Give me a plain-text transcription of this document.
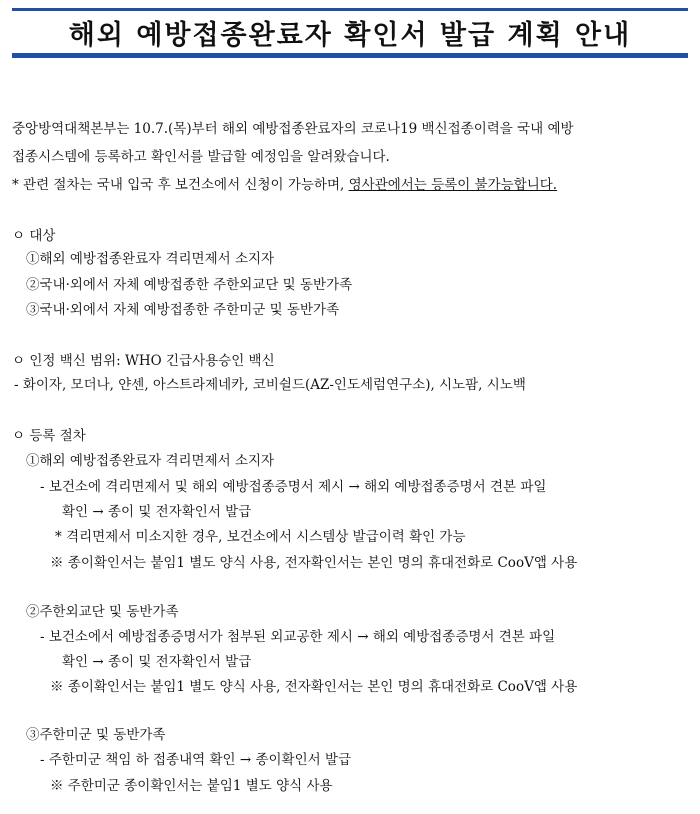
해외 예방접종완료자 확인서 발급 계획 안내
중앙방역대책본부는 10.7.(목)부터 해외 예방접종완료자의 코로나19 백신접종이력을 국내 예방
접종시스템에 등록하고 확인서를 발급할 예정임을 알려왔습니다.
* 관련 절차는 국내 입국 후 보건소에서 신청이 가능하며, 영사관에서는 등록이 불가능합니다.
ㅇ 대상
①해외 예방접종완료자 격리면제서 소지자
②국내·외에서 자체 예방접종한 주한외교단 및 동반가족
③국내·외에서 자체 예방접종한 주한미군 및 동반가족
ㅇ 인정 백신 범위: WHO 긴급사용승인 백신
- 화이자, 모더나, 얀센, 아스트라제네카, 코비쉴드(AZ-인도세럼연구소), 시노팜, 시노백
ㅇ 등록 절차
①해외 예방접종완료자 격리면제서 소지자
- 보건소에 격리면제서 및 해외 예방접종증명서 제시 → 해외 예방접종증명서 견본 파일
확인 → 종이 및 전자확인서 발급
* 격리면제서 미소지한 경우, 보건소에서 시스템상 발급이력 확인 가능
※ 종이확인서는 붙임1 별도 양식 사용, 전자확인서는 본인 명의 휴대전화로 CooV앱 사용
②주한외교단 및 동반가족
- 보건소에서 예방접종증명서가 첨부된 외교공한 제시 → 해외 예방접종증명서 견본 파일
확인 → 종이 및 전자확인서 발급
※ 종이확인서는 붙임1 별도 양식 사용, 전자확인서는 본인 명의 휴대전화로 CooV앱 사용
③주한미군 및 동반가족
- 주한미군 책임 하 접종내역 확인 → 종이확인서 발급
※ 주한미군 종이확인서는 붙임1 별도 양식 사용
